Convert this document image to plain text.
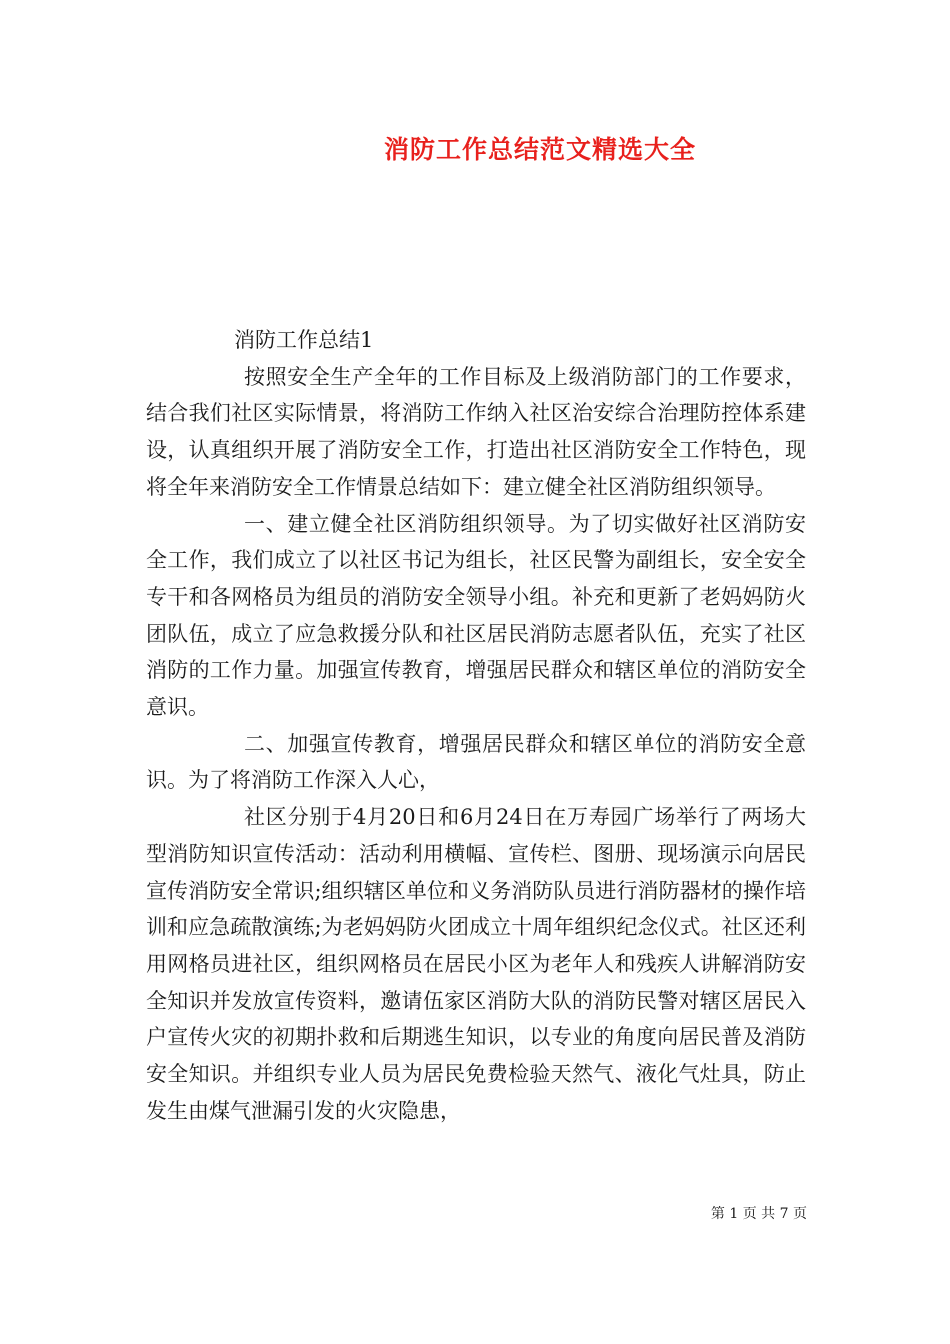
消防工作总结范文精选大全

消防工作总结1

按照安全生产全年的工作目标及上级消防部门的工作要求，结合我们社区实际情景，将消防工作纳入社区治安综合治理防控体系建设，认真组织开展了消防安全工作，打造出社区消防安全工作特色，现将全年来消防安全工作情景总结如下：建立健全社区消防组织领导。

一、建立健全社区消防组织领导。为了切实做好社区消防安全工作，我们成立了以社区书记为组长，社区民警为副组长，安全安全专干和各网格员为组员的消防安全领导小组。补充和更新了老妈妈防火团队伍，成立了应急救援分队和社区居民消防志愿者队伍，充实了社区消防的工作力量。加强宣传教育，增强居民群众和辖区单位的消防安全意识。

二、加强宣传教育，增强居民群众和辖区单位的消防安全意识。为了将消防工作深入人心，

社区分别于4月20日和6月24日在万寿园广场举行了两场大型消防知识宣传活动：活动利用横幅、宣传栏、图册、现场演示向居民宣传消防安全常识;组织辖区单位和义务消防队员进行消防器材的操作培训和应急疏散演练;为老妈妈防火团成立十周年组织纪念仪式。社区还利用网格员进社区，组织网格员在居民小区为老年人和残疾人讲解消防安全知识并发放宣传资料，邀请伍家区消防大队的消防民警对辖区居民入户宣传火灾的初期扑救和后期逃生知识，以专业的角度向居民普及消防安全知识。并组织专业人员为居民免费检验天然气、液化气灶具，防止发生由煤气泄漏引发的火灾隐患，

第 1 页 共 7 页
